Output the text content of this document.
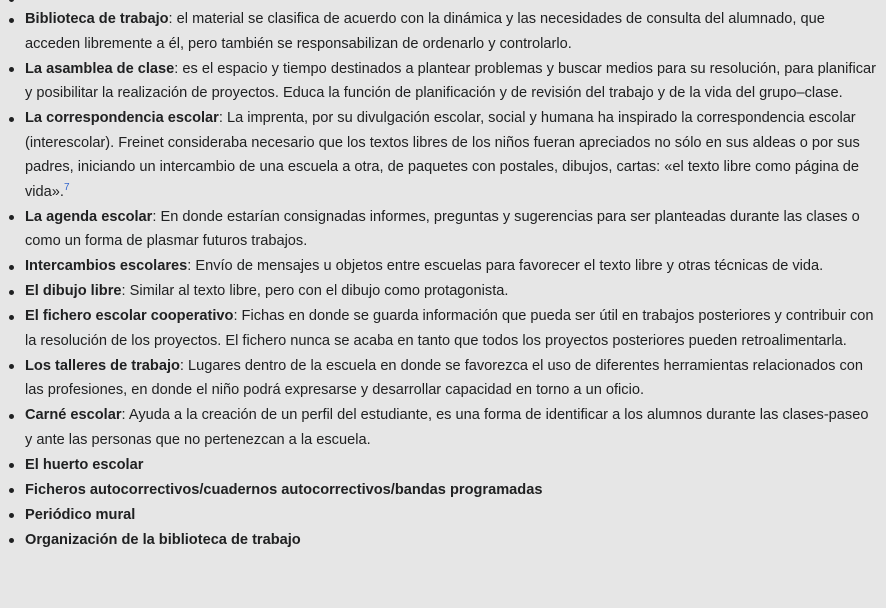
Biblioteca de trabajo: el material se clasifica de acuerdo con la dinámica y las necesidades de consulta del alumnado, que acceden libremente a él, pero también se responsabilizan de ordenarlo y controlarlo.
La asamblea de clase: es el espacio y tiempo destinados a plantear problemas y buscar medios para su resolución, para planificar y posibilitar la realización de proyectos. Educa la función de planificación y de revisión del trabajo y de la vida del grupo–clase.
La correspondencia escolar: La imprenta, por su divulgación escolar, social y humana ha inspirado la correspondencia escolar (interescolar). Freinet consideraba necesario que los textos libres de los niños fueran apreciados no sólo en sus aldeas o por sus padres, iniciando un intercambio de una escuela a otra, de paquetes con postales, dibujos, cartas: «el texto libre como página de vida».$^7$
La agenda escolar: En donde estarían consignadas informes, preguntas y sugerencias para ser planteadas durante las clases o como un forma de plasmar futuros trabajos.
Intercambios escolares: Envío de mensajes u objetos entre escuelas para favorecer el texto libre y otras técnicas de vida.
El dibujo libre: Similar al texto libre, pero con el dibujo como protagonista.
El fichero escolar cooperativo: Fichas en donde se guarda información que pueda ser útil en trabajos posteriores y contribuir con la resolución de los proyectos. El fichero nunca se acaba en tanto que todos los proyectos posteriores pueden retroalimentarla.
Los talleres de trabajo: Lugares dentro de la escuela en donde se favorezca el uso de diferentes herramientas relacionados con las profesiones, en donde el niño podrá expresarse y desarrollar capacidad en torno a un oficio.
Carné escolar: Ayuda a la creación de un perfil del estudiante, es una forma de identificar a los alumnos durante las clases-paseo y ante las personas que no pertenezcan a la escuela.
El huerto escolar
Ficheros autocorrectivos/cuadernos autocorrectivos/bandas programadas
Periódico mural
Organización de la biblioteca de trabajo
